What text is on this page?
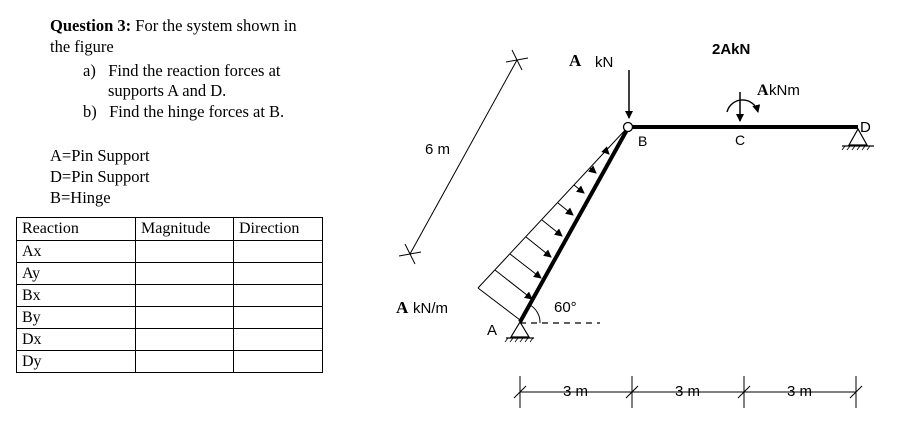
Question 3: For the system shown in
the figure
a) Find the reaction forces at
supports A and D.
b) Find the hinge forces at B.
A=Pin Support
D=Pin Support
B=Hinge
Reaction	Magnitude	Direction
Ax		
Ay		
Bx		
By		
Dx		
Dy		
6 m
A kN
2AkN
A kNm
A kN/m	60°
A
B	C
D
3 m	3 m	3 m
